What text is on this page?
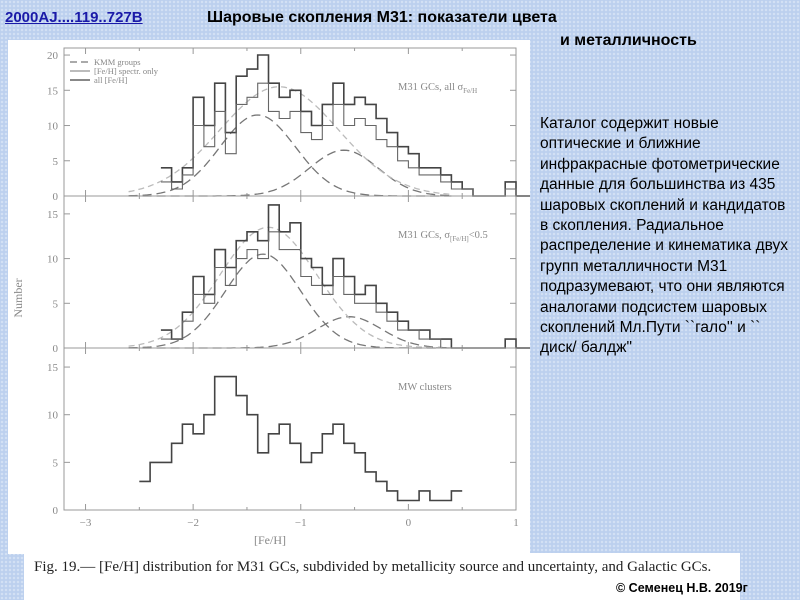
2000AJ....119..727B	Шаровые скопления M31: показатели цвета
и металличность
0
5
10
15
20
M31 GCs, all $\sigma_{Fe/H}$
KMM groups
[Fe/H] spectr. only
all [Fe/H]
0
5
10
15
M31 GCs, $\sigma_{[Fe/H]}<0.5$
0
5
10
15
MW clusters
−3	−2	−1	0	1
[Fe/H]
Number
Fig. 19.— [Fe/H] distribution for M31 GCs, subdivided by metallicity source and uncertainty, and Galactic GCs.
Каталог содержит новые оптические и ближние инфракрасные фотометрические данные для большинства из 435 шаровых скоплений и кандидатов в скопления. Радиальное распределение и кинематика двух групп металличности M31 подразумевают, что они являются аналогами подсистем шаровых скоплений Мл.Пути ``гало'' и `` диск/ балдж"
© Семенец Н.В. 2019г
